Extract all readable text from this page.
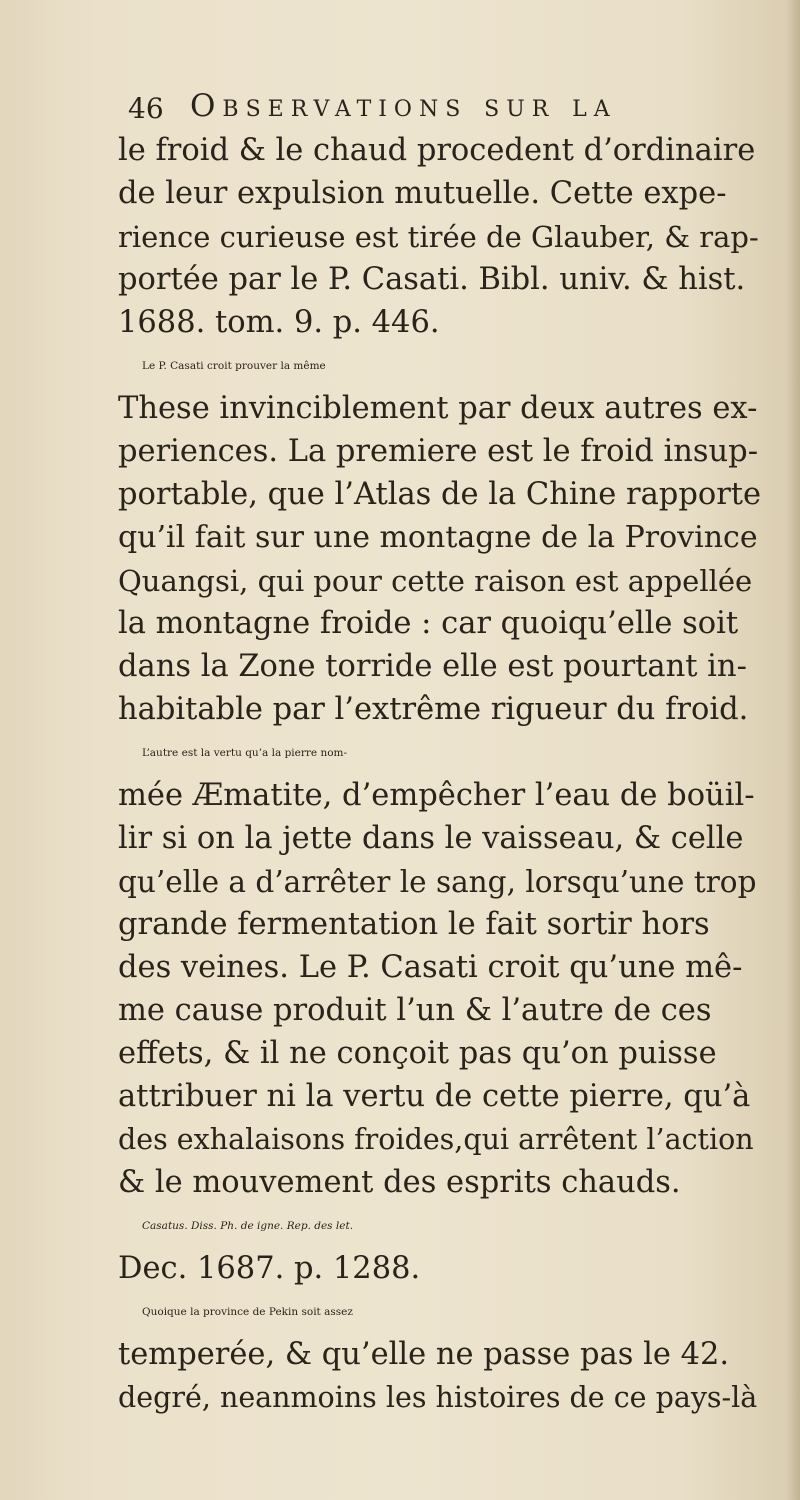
46 Observations sur la
le froid & le chaud procedent d’ordinaire
de leur expulsion mutuelle. Cette expe-
rience curieuse est tirée de Glauber, & rap-
portée par le P. Casati. Bibl. univ. & hist.
1688. tom. 9. p. 446.
Le P. Casati croit prouver la même
These invinciblement par deux autres ex-
periences. La premiere est le froid insup-
portable, que l’Atlas de la Chine rapporte
qu’il fait sur une montagne de la Province
Quangsi, qui pour cette raison est appellée
la montagne froide : car quoiqu’elle soit
dans la Zone torride elle est pourtant in-
habitable par l’extrême rigueur du froid.
L’autre est la vertu qu’a la pierre nom-
mée Æmatite, d’empêcher l’eau de boüil-
lir si on la jette dans le vaisseau, & celle
qu’elle a d’arrêter le sang, lorsqu’une trop
grande fermentation le fait sortir hors
des veines. Le P. Casati croit qu’une mê-
me cause produit l’un & l’autre de ces
effets, & il ne conçoit pas qu’on puisse
attribuer ni la vertu de cette pierre, qu’à
des exhalaisons froides,qui arrêtent l’action
& le mouvement des esprits chauds.
Casatus. Diss. Ph. de igne. Rep. des let.
Dec. 1687. p. 1288.
Quoique la province de Pekin soit assez
temperée, & qu’elle ne passe pas le 42.
degré, neanmoins les histoires de ce pays-là
